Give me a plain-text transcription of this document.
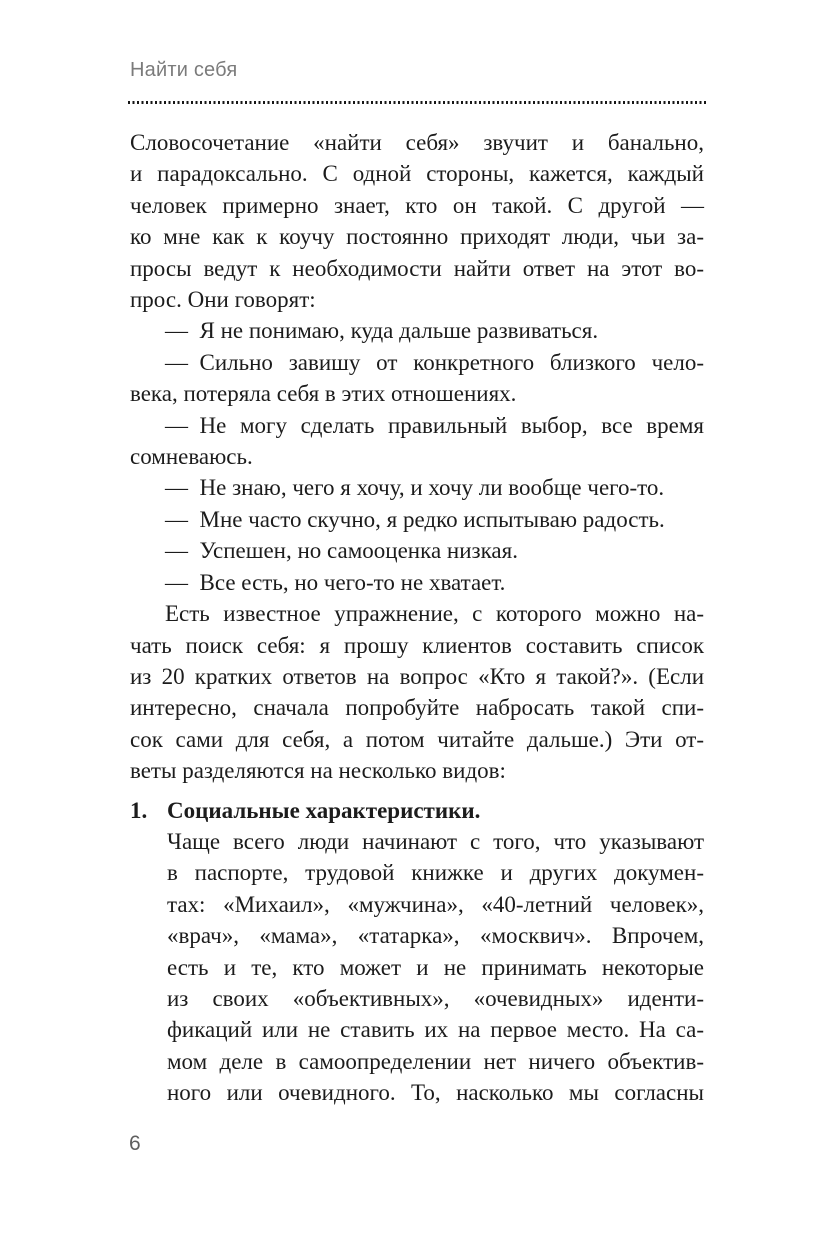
Найти себя
Словосочетание «найти себя» звучит и банально,
и парадоксально. С одной стороны, кажется, каждый
человек примерно знает, кто он такой. С другой —
ко мне как к коучу постоянно приходят люди, чьи за-
просы ведут к необходимости найти ответ на этот во-
прос. Они говорят:
— Я не понимаю, куда дальше развиваться.
— Сильно завишу от конкретного близкого чело-
века, потеряла себя в этих отношениях.
— Не могу сделать правильный выбор, все время
сомневаюсь.
— Не знаю, чего я хочу, и хочу ли вообще чего-то.
— Мне часто скучно, я редко испытываю радость.
— Успешен, но самооценка низкая.
— Все есть, но чего-то не хватает.
Есть известное упражнение, с которого можно на-
чать поиск себя: я прошу клиентов составить список
из 20 кратких ответов на вопрос «Кто я такой?». (Если
интересно, сначала попробуйте набросать такой спи-
сок сами для себя, а потом читайте дальше.) Эти от-
веты разделяются на несколько видов:
1. Социальные характеристики.
Чаще всего люди начинают с того, что указывают
в паспорте, трудовой книжке и других докумен-
тах: «Михаил», «мужчина», «40-летний человек»,
«врач», «мама», «татарка», «москвич». Впрочем,
есть и те, кто может и не принимать некоторые
из своих «объективных», «очевидных» иденти-
фикаций или не ставить их на первое место. На са-
мом деле в самоопределении нет ничего объектив-
ного или очевидного. То, насколько мы согласны
6
